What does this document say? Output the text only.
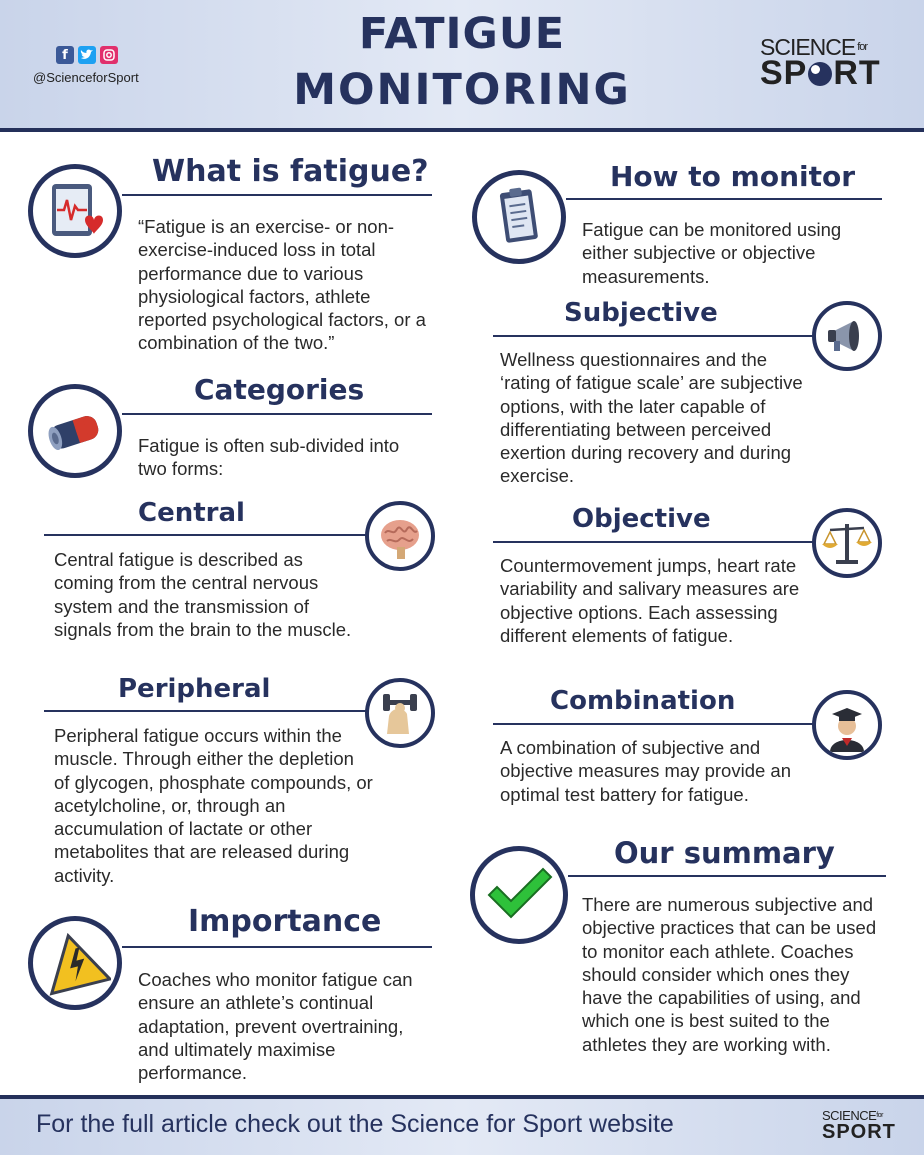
f
@ScienceforSport
FATIGUE
MONITORING
SCIENCE $^{for}$
SP RT
What is fatigue?
“Fatigue is an exercise- or non-exercise-induced loss in total performance due to various physiological factors, athlete reported psychological factors, or a combination of the two.”
Categories
Fatigue is often sub-divided into two forms:
Central
Central fatigue is described as coming from the central nervous system and the transmission of signals from the brain to the muscle.
Peripheral
Peripheral fatigue occurs within the muscle. Through either the depletion of glycogen, phosphate compounds, or acetylcholine, or, through an accumulation of lactate or other metabolites that are released during activity.
Importance
Coaches who monitor fatigue can ensure an athlete’s continual adaptation, prevent overtraining, and ultimately maximise performance.
How to monitor
Fatigue can be monitored using either subjective or objective measurements.
Subjective
Wellness questionnaires and the ‘rating of fatigue scale’ are subjective options, with the later capable of differentiating between perceived exertion during recovery and during exercise.
Objective
Countermovement jumps, heart rate variability and salivary measures are objective options. Each assessing different elements of fatigue.
Combination
A combination of subjective and objective measures may provide an optimal test battery for fatigue.
Our summary
There are numerous subjective and objective practices that can be used to monitor each athlete. Coaches should consider which ones they have the capabilities of using, and which one is best suited to the athletes they are working with.
For the full article check out the Science for Sport website	$SCIENCE^{for}$
SPORT
